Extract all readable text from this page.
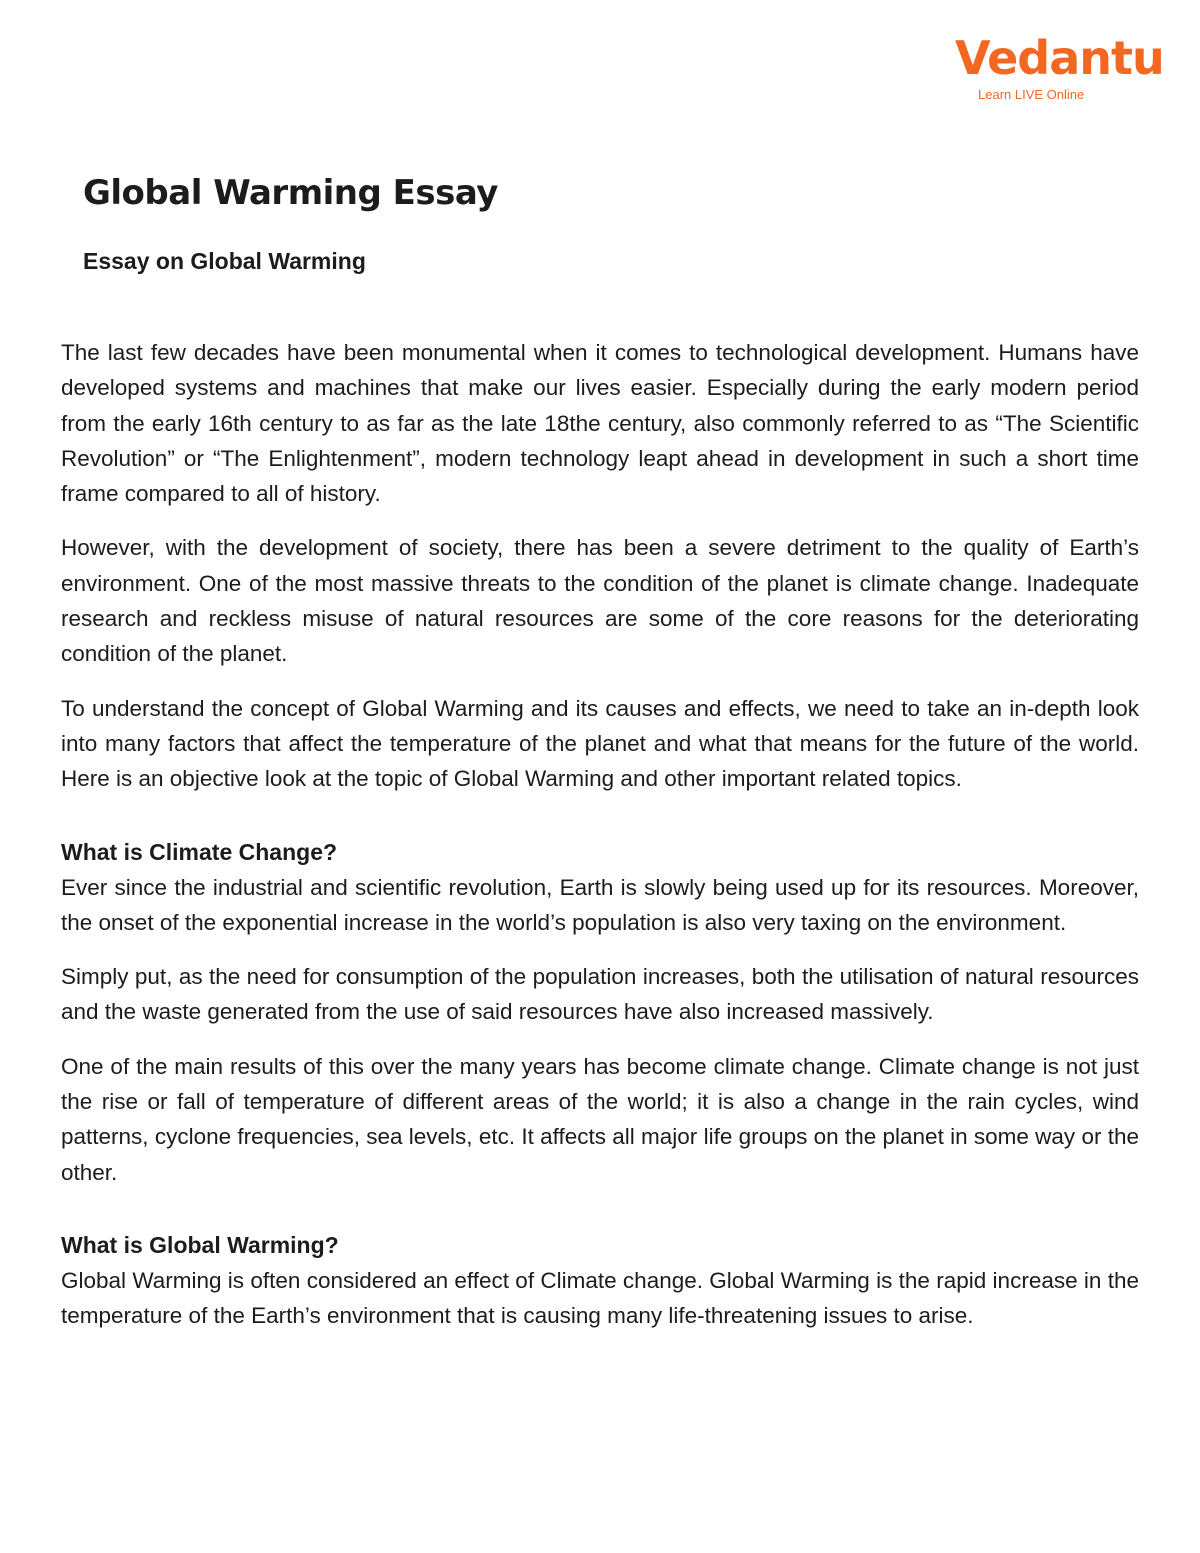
Vedantu
Learn LIVE Online
Global Warming Essay
Essay on Global Warming

The last few decades have been monumental when it comes to technological development. Humans have developed systems and machines that make our lives easier. Especially during the early modern period from the early 16th century to as far as the late 18the century, also commonly referred to as “The Scientific Revolution” or “The Enlightenment”, modern technology leapt ahead in development in such a short time frame compared to all of history.

However, with the development of society, there has been a severe detriment to the quality of Earth’s environment. One of the most massive threats to the condition of the planet is climate change. Inadequate research and reckless misuse of natural resources are some of the core reasons for the deteriorating condition of the planet.

To understand the concept of Global Warming and its causes and effects, we need to take an in-depth look into many factors that affect the temperature of the planet and what that means for the future of the world. Here is an objective look at the topic of Global Warming and other important related topics.

What is Climate Change?

Ever since the industrial and scientific revolution, Earth is slowly being used up for its resources. Moreover, the onset of the exponential increase in the world’s population is also very taxing on the environment.

Simply put, as the need for consumption of the population increases, both the utilisation of natural resources and the waste generated from the use of said resources have also increased massively.

One of the main results of this over the many years has become climate change. Climate change is not just the rise or fall of temperature of different areas of the world; it is also a change in the rain cycles, wind patterns, cyclone frequencies, sea levels, etc. It affects all major life groups on the planet in some way or the other.

What is Global Warming?

Global Warming is often considered an effect of Climate change. Global Warming is the rapid increase in the temperature of the Earth’s environment that is causing many life-threatening issues to arise.
